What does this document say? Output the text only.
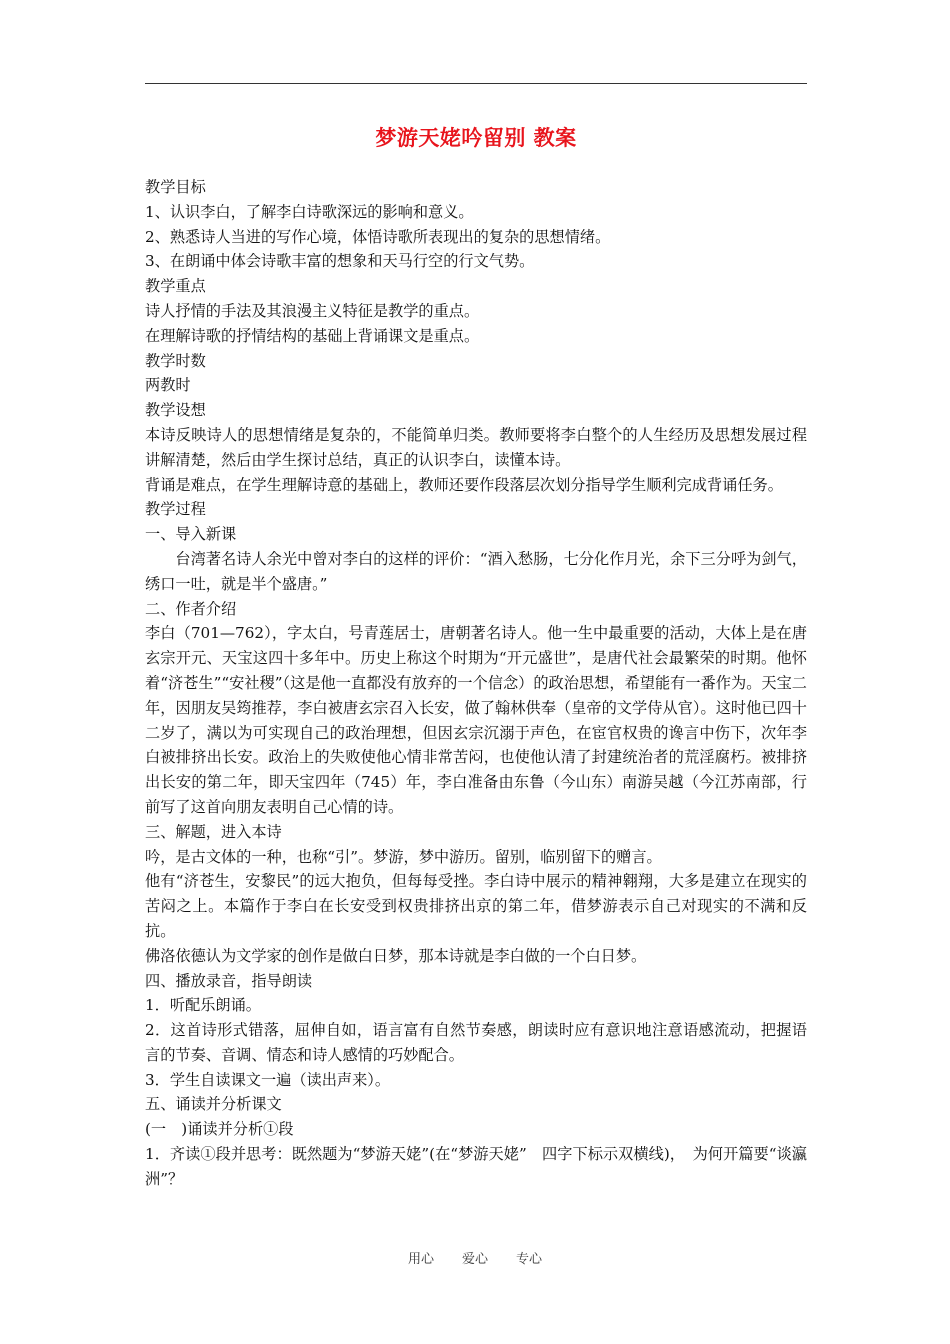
梦游天姥吟留别 教案

教学目标

1、认识李白，了解李白诗歌深远的影响和意义。

2、熟悉诗人当进的写作心境，体悟诗歌所表现出的复杂的思想情绪。

3、在朗诵中体会诗歌丰富的想象和天马行空的行文气势。

教学重点

诗人抒情的手法及其浪漫主义特征是教学的重点。

在理解诗歌的抒情结构的基础上背诵课文是重点。

教学时数

两教时

教学设想

本诗反映诗人的思想情绪是复杂的，不能简单归类。教师要将李白整个的人生经历及思想发展过程讲解清楚，然后由学生探讨总结，真正的认识李白，读懂本诗。

背诵是难点，在学生理解诗意的基础上，教师还要作段落层次划分指导学生顺利完成背诵任务。

教学过程

一、导入新课

台湾著名诗人余光中曾对李白的这样的评价：“酒入愁肠，七分化作月光，余下三分呼为剑气，绣口一吐，就是半个盛唐。”

二、作者介绍

李白（701—762），字太白，号青莲居士，唐朝著名诗人。他一生中最重要的活动，大体上是在唐玄宗开元、天宝这四十多年中。历史上称这个时期为“开元盛世”，是唐代社会最繁荣的时期。他怀着“济苍生”“安社稷”（这是他一直都没有放弃的一个信念）的政治思想，希望能有一番作为。天宝二年，因朋友吴筠推荐，李白被唐玄宗召入长安，做了翰林供奉（皇帝的文学侍从官）。这时他已四十二岁了，满以为可实现自己的政治理想，但因玄宗沉溺于声色，在宦官权贵的谗言中伤下，次年李白被排挤出长安。政治上的失败使他心情非常苦闷，也使他认清了封建统治者的荒淫腐朽。被排挤出长安的第二年，即天宝四年（745）年，李白准备由东鲁（今山东）南游吴越（今江苏南部，行前写了这首向朋友表明自己心情的诗。

三、解题，进入本诗

吟，是古文体的一种，也称“引”。梦游，梦中游历。留别，临别留下的赠言。

他有“济苍生，安黎民”的远大抱负，但每每受挫。李白诗中展示的精神翱翔，大多是建立在现实的苦闷之上。本篇作于李白在长安受到权贵排挤出京的第二年，借梦游表示自己对现实的不满和反抗。

佛洛依德认为文学家的创作是做白日梦，那本诗就是李白做的一个白日梦。

四、播放录音，指导朗读

1．听配乐朗诵。

2．这首诗形式错落，屈伸自如，语言富有自然节奏感，朗读时应有意识地注意语感流动，把握语言的节奏、音调、情态和诗人感情的巧妙配合。

3．学生自读课文一遍（读出声来）。

五、诵读并分析课文

(一　)诵读并分析①段

1．齐读①段并思考：既然题为“梦游天姥”(在“梦游天姥”　四字下标示双横线)，　为何开篇要“谈瀛洲”？

用心 爱心 专心
